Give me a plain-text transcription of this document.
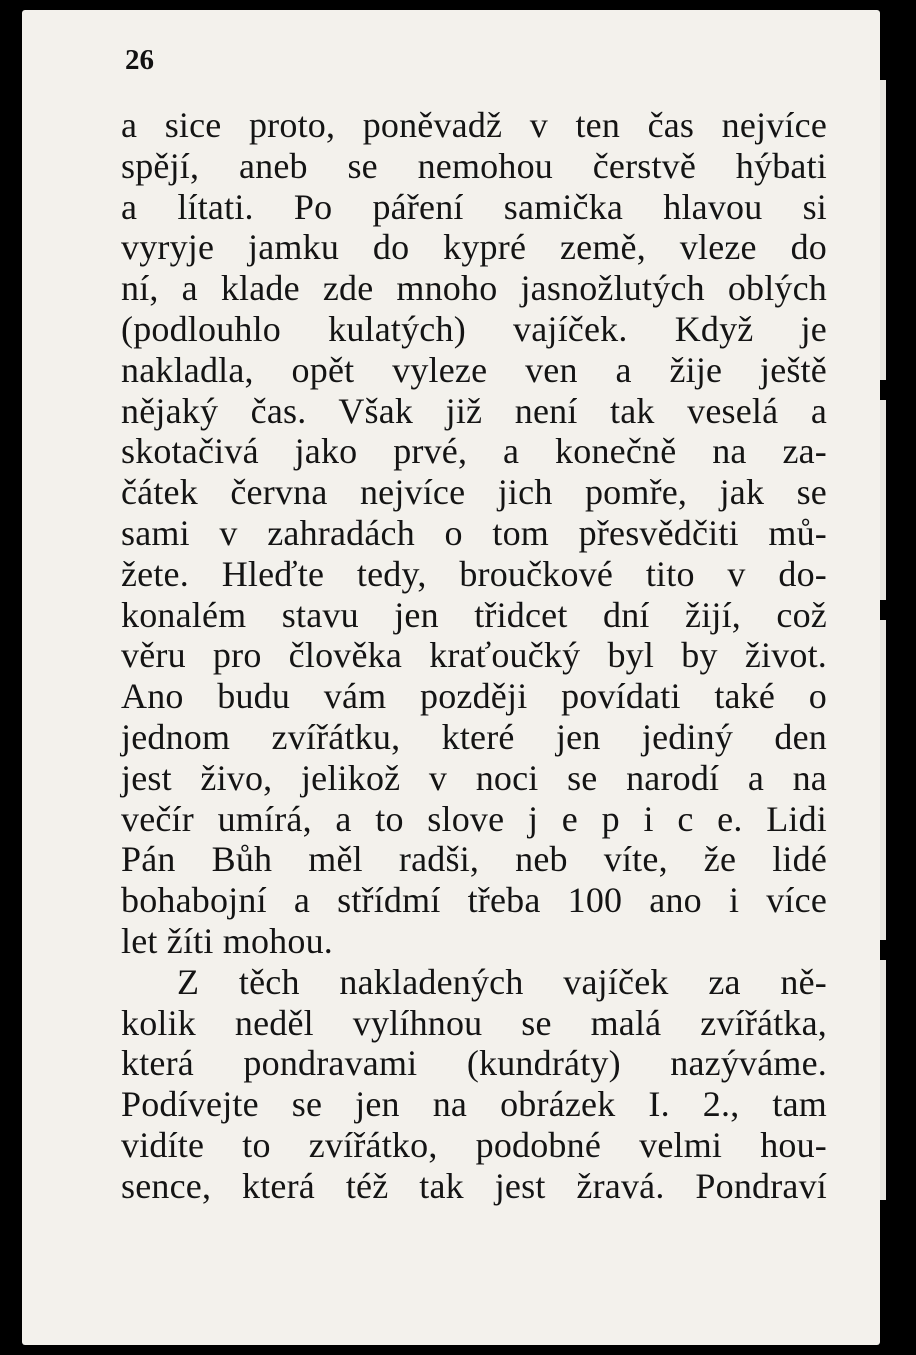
26

a sice proto, poněvadž v ten čas nejvíce
spějí, aneb se nemohou čerstvě hýbati
a lítati. Po páření samička hlavou si
vyryje jamku do kypré země, vleze do
ní, a klade zde mnoho jasnožlutých oblých
(podlouhlo kulatých) vajíček. Když je
nakladla, opět vyleze ven a žije ještě
nějaký čas. Však již není tak veselá a
skotačivá jako prvé, a konečně na za-
čátek června nejvíce jich pomře, jak se
sami v zahradách o tom přesvědčiti mů-
žete. Hleďte tedy, broučkové tito v do-
konalém stavu jen třidcet dní žijí, což
věru pro člověka kraťoučký byl by život.
Ano budu vám později povídati také o
jednom zvířátku, které jen jediný den
jest živo, jelikož v noci se narodí a na
večír umírá, a to slove j e p i c e. Lidi
Pán Bůh měl radši, neb víte, že lidé
bohabojní a střídmí třeba 100 ano i více
let žíti mohou.
Z těch nakladených vajíček za ně-
kolik neděl vylíhnou se malá zvířátka,
která pondravami (kundráty) nazýváme.
Podívejte se jen na obrázek I. 2., tam
vidíte to zvířátko, podobné velmi hou-
sence, která též tak jest žravá. Pondraví
